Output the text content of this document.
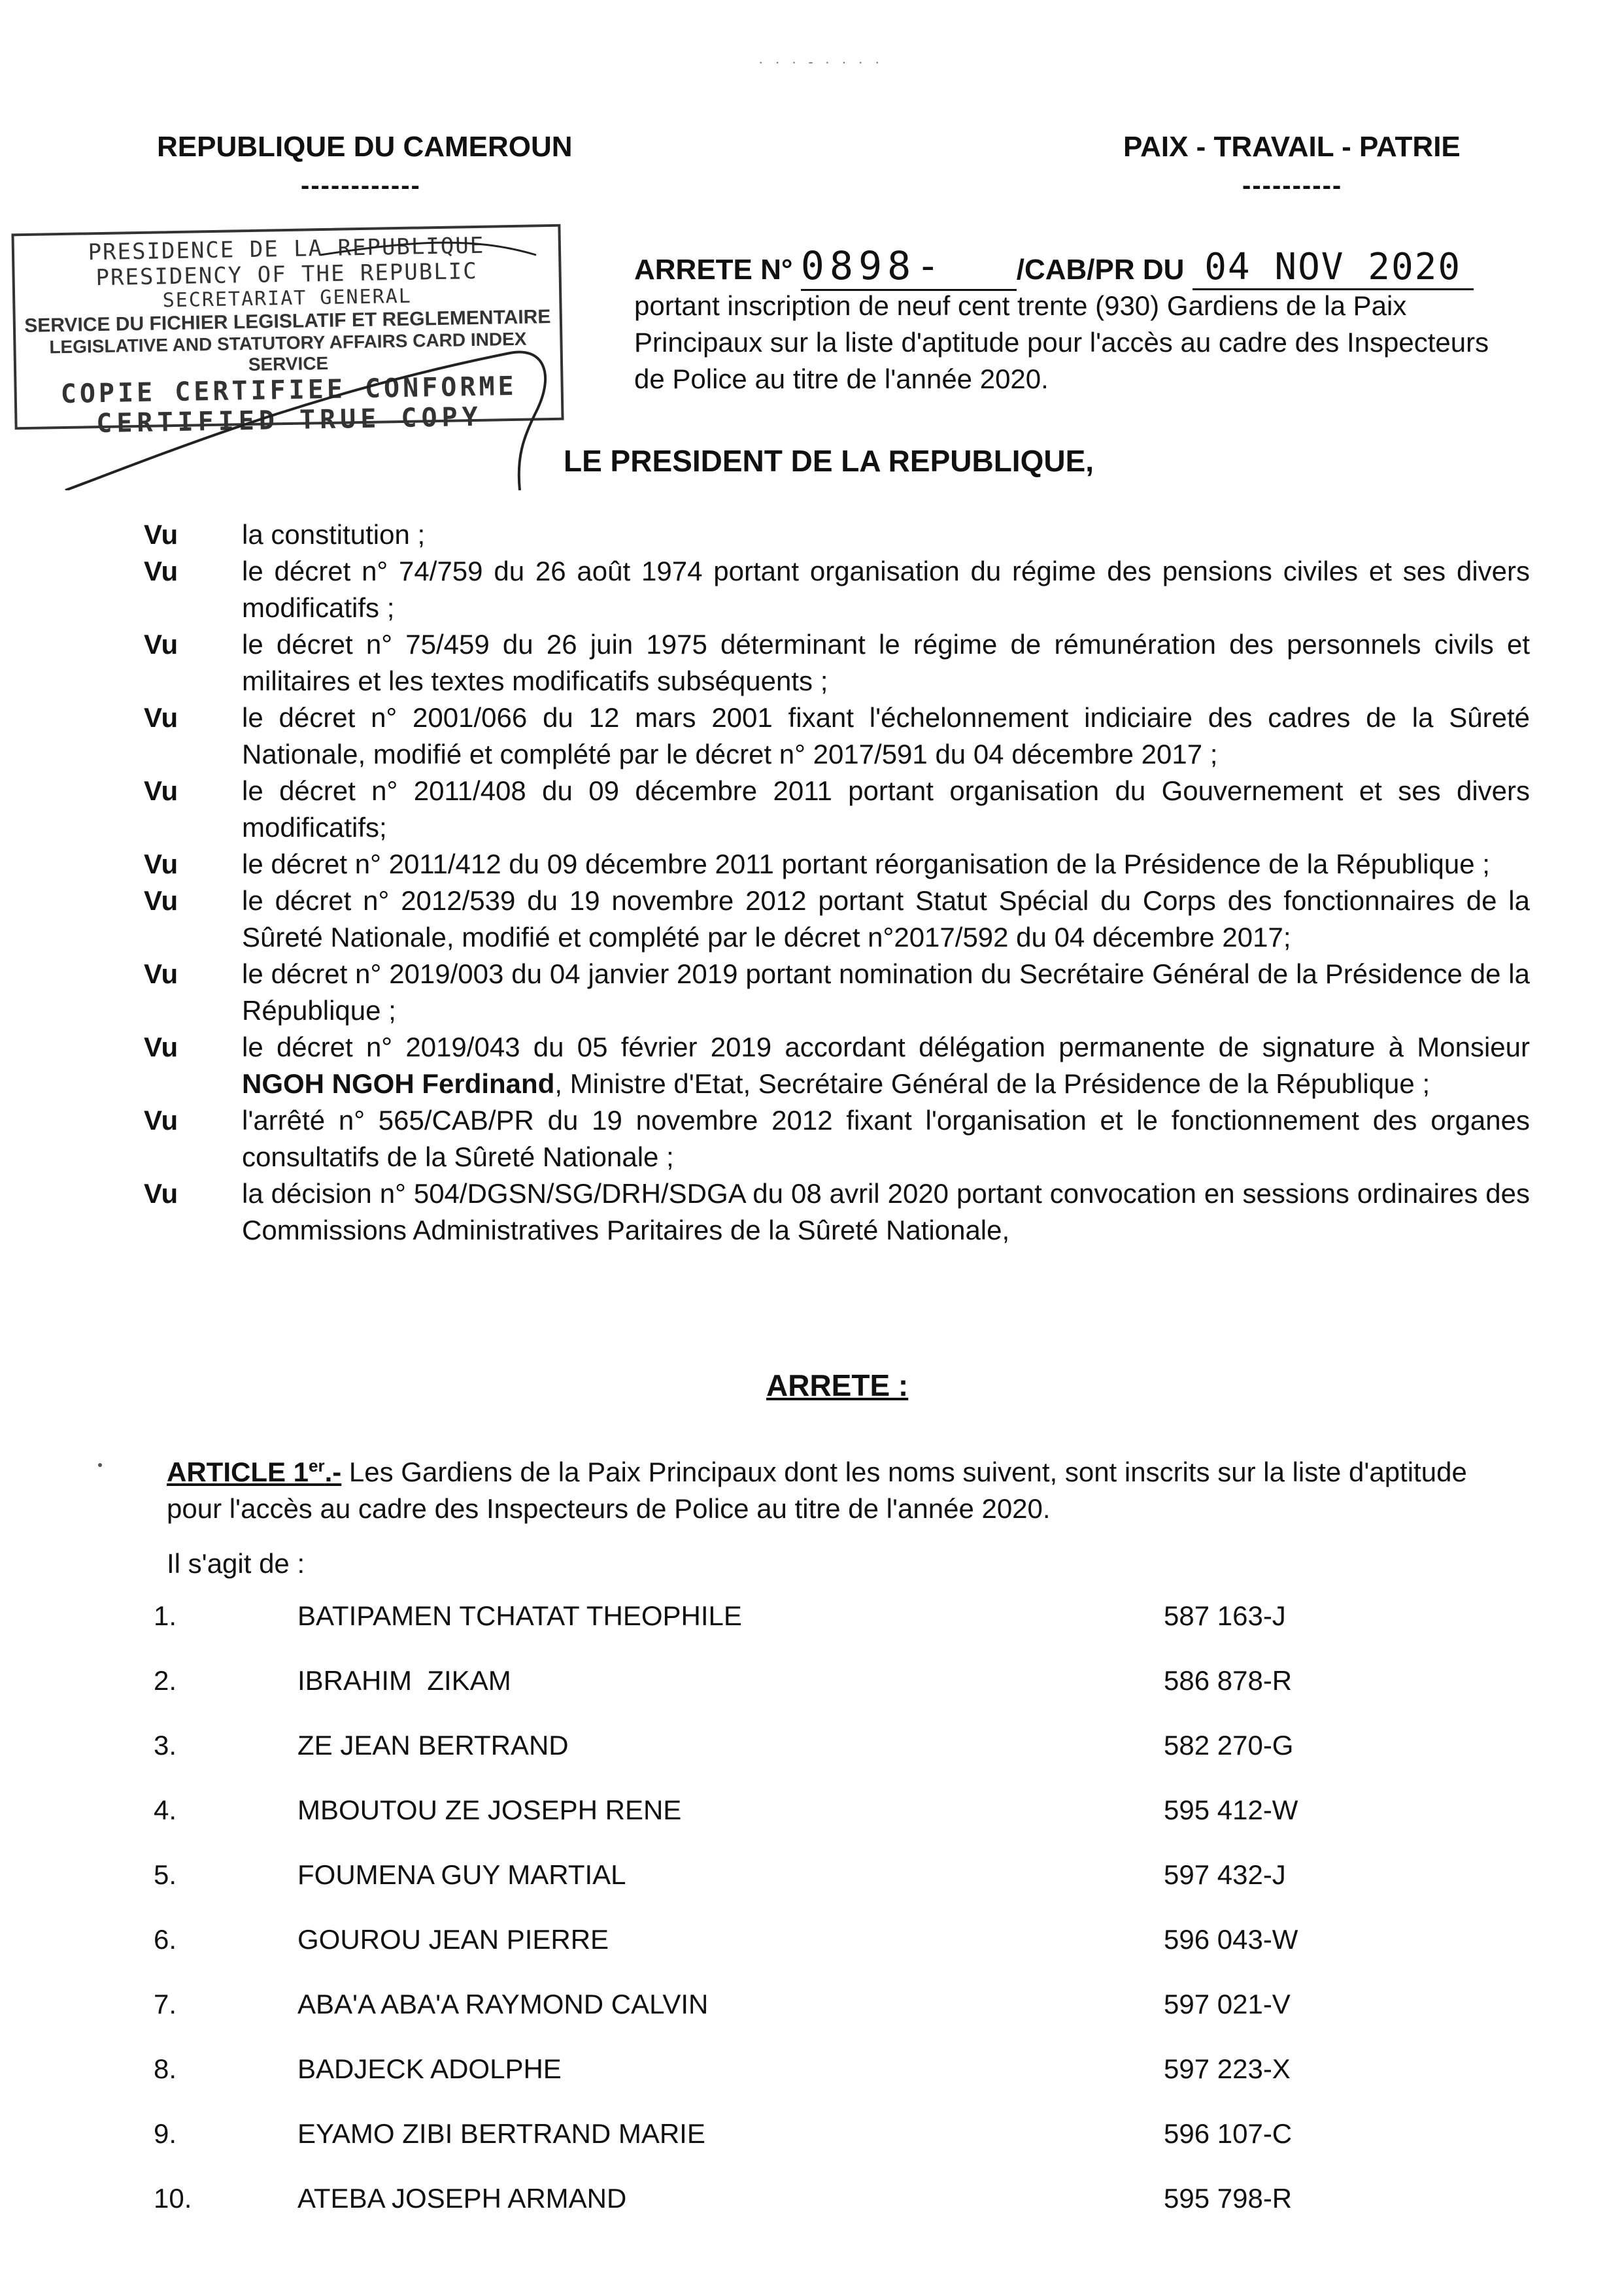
· · · - · · · ·
REPUBLIQUE DU CAMEROUN
------------
PAIX - TRAVAIL - PATRIE
----------
PRESIDENCE DE LA REPUBLIQUE
PRESIDENCY OF THE REPUBLIC
SECRETARIAT GENERAL
SERVICE DU FICHIER LEGISLATIF ET REGLEMENTAIRE
LEGISLATIVE AND STATUTORY AFFAIRS CARD INDEX SERVICE
COPIE CERTIFIEE CONFORME
CERTIFIED TRUE COPY
ARRETE N° 0898- /CAB/PR DU 04 NOV 2020
portant inscription de neuf cent trente (930) Gardiens de la Paix Principaux sur la liste d'aptitude pour l'accès au cadre des Inspecteurs de Police au titre de l'année 2020.
LE PRESIDENT DE LA REPUBLIQUE,
Vu	la constitution ;
Vu	le décret n° 74/759 du 26 août 1974 portant organisation du régime des pensions civiles et ses divers modificatifs ;
Vu	le décret n° 75/459 du 26 juin 1975 déterminant le régime de rémunération des personnels civils et militaires et les textes modificatifs subséquents ;
Vu	le décret n° 2001/066 du 12 mars 2001 fixant l'échelonnement indiciaire des cadres de la Sûreté Nationale, modifié et complété par le décret n° 2017/591 du 04 décembre 2017 ;
Vu	le décret n° 2011/408 du 09 décembre 2011 portant organisation du Gouvernement et ses divers modificatifs;
Vu	le décret n° 2011/412 du 09 décembre 2011 portant réorganisation de la Présidence de la République ;
Vu	le décret n° 2012/539 du 19 novembre 2012 portant Statut Spécial du Corps des fonctionnaires de la Sûreté Nationale, modifié et complété par le décret n°2017/592 du 04 décembre 2017;
Vu	le décret n° 2019/003 du 04 janvier 2019 portant nomination du Secrétaire Général de la Présidence de la République ;
Vu	le décret n° 2019/043 du 05 février 2019 accordant délégation permanente de signature à Monsieur NGOH NGOH Ferdinand, Ministre d'Etat, Secrétaire Général de la Présidence de la République ;
Vu	l'arrêté n° 565/CAB/PR du 19 novembre 2012 fixant l'organisation et le fonctionnement des organes consultatifs de la Sûreté Nationale ;
Vu	la décision n° 504/DGSN/SG/DRH/SDGA du 08 avril 2020 portant convocation en sessions ordinaires des Commissions Administratives Paritaires de la Sûreté Nationale,
ARRETE :
ARTICLE 1er.- Les Gardiens de la Paix Principaux dont les noms suivent, sont inscrits sur la liste d'aptitude pour l'accès au cadre des Inspecteurs de Police au titre de l'année 2020.
Il s'agit de :
1.	BATIPAMEN TCHATAT THEOPHILE	587 163-J
2.	IBRAHIM  ZIKAM	586 878-R
3.	ZE JEAN BERTRAND	582 270-G
4.	MBOUTOU ZE JOSEPH RENE	595 412-W
5.	FOUMENA GUY MARTIAL	597 432-J
6.	GOUROU JEAN PIERRE	596 043-W
7.	ABA'A ABA'A RAYMOND CALVIN	597 021-V
8.	BADJECK ADOLPHE	597 223-X
9.	EYAMO ZIBI BERTRAND MARIE	596 107-C
10.	ATEBA JOSEPH ARMAND	595 798-R
